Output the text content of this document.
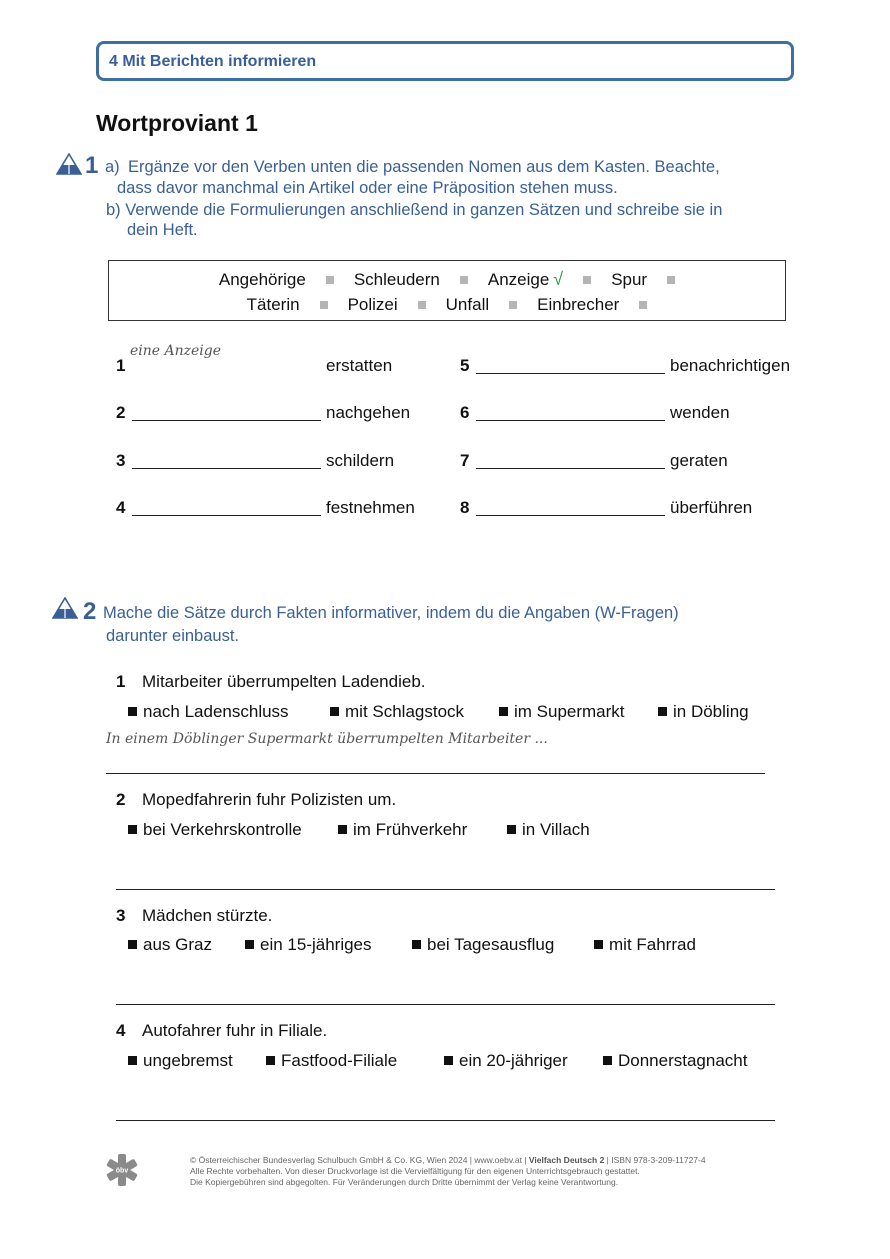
4 Mit Berichten informieren
Wortproviant 1
1 a) Ergänze vor den Verben unten die passenden Nomen aus dem Kasten. Beachte,
dass davor manchmal ein Artikel oder eine Präposition stehen muss.
b) Verwende die Formulierungen anschließend in ganzen Sätzen und schreibe sie in
dein Heft.
Angehörige	Schleudern	Anzeige √	Spur
Täterin	Polizei	Unfall	Einbrecher
1
eine Anzeige
erstatten
2	nachgehen
3	schildern
4	festnehmen
5	benachrichtigen
6	wenden
7	geraten
8	überführen
2 Mache die Sätze durch Fakten informativer, indem du die Angaben (W-Fragen)
darunter einbaust.
1 Mitarbeiter überrumpelten Ladendieb.
nach Ladenschluss	mit Schlagstock	im Supermarkt	in Döbling
In einem Döblinger Supermarkt überrumpelten Mitarbeiter ...
2 Mopedfahrerin fuhr Polizisten um.
bei Verkehrskontrolle	im Frühverkehr	in Villach
3 Mädchen stürzte.
aus Graz	ein 15-jähriges	bei Tagesausflug	mit Fahrrad
4 Autofahrer fuhr in Filiale.
ungebremst	Fastfood-Filiale	ein 20-jähriger	Donnerstagnacht
öbv
© Österreichischer Bundesverlag Schulbuch GmbH & Co. KG, Wien 2024 | www.oebv.at | Vielfach Deutsch 2 | ISBN 978-3-209-11727-4
Alle Rechte vorbehalten. Von dieser Druckvorlage ist die Vervielfältigung für den eigenen Unterrichtsgebrauch gestattet.
Die Kopiergebühren sind abgegolten. Für Veränderungen durch Dritte übernimmt der Verlag keine Verantwortung.
